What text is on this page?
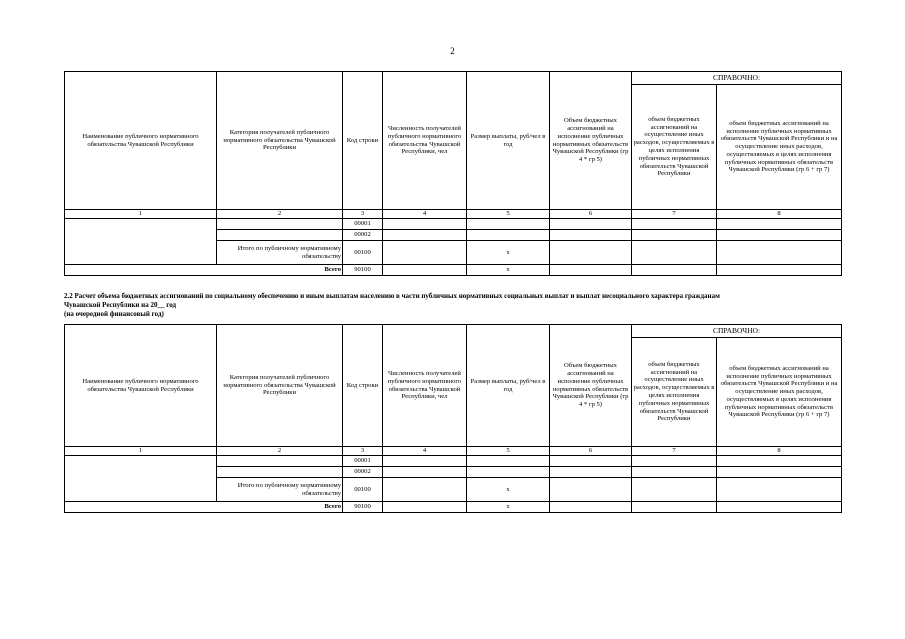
2
Наименование публичного нормативного обязательства Чувашской Республики	Категория получателей публичного нормативного обязательства Чувашской Республики	Код строки	Численность получателей публичного нормативного обязательства Чувашской Республики, чел	Размер выплаты, руб/чел в год	Объем бюджетных ассигнований на исполнение публичных нормативных обязательств Чувашской Республики (гр 4 * гр 5)	СПРАВОЧНО:	
						объем бюджетных ассигнований на осуществление иных расходов, осуществляемых в целях исполнения публичных нормативных обязательств Чувашской Республики	объем бюджетных ассигнований на исполнение публичных нормативных обязательств Чувашской Республики и на осуществление иных расходов, осуществляемых в целях исполнения публичных нормативных обязательств Чувашской Республики (гр 6 + гр 7)
1	2	3	4	5	6	7	8
		00001					
		00002					
	Итого по публичному нормативному обязательству	00100		x			
Всего		90100		x			
2.2 Расчет объема бюджетных ассигнований по социальному обеспечению и иным выплатам населению в части публичных нормативных социальных выплат и выплат несоциального характера гражданам
Чувашской Республики на 20__ год
(на очередной финансовый год)
Наименование публичного нормативного обязательства Чувашской Республики	Категория получателей публичного нормативного обязательства Чувашской Республики	Код строки	Численность получателей публичного нормативного обязательства Чувашской Республики, чел	Размер выплаты, руб/чел в год	Объем бюджетных ассигнований на исполнение публичных нормативных обязательств Чувашской Республики (гр 4 * гр 5)	СПРАВОЧНО:	
						объем бюджетных ассигнований на осуществление иных расходов, осуществляемых в целях исполнения публичных нормативных обязательств Чувашской Республики	объем бюджетных ассигнований на исполнение публичных нормативных обязательств Чувашской Республики и на осуществление иных расходов, осуществляемых в целях исполнения публичных нормативных обязательств Чувашской Республики (гр 6 + гр 7)
1	2	3	4	5	6	7	8
		00001					
		00002					
	Итого по публичному нормативному обязательству	00100		x			
Всего		90100		x			
